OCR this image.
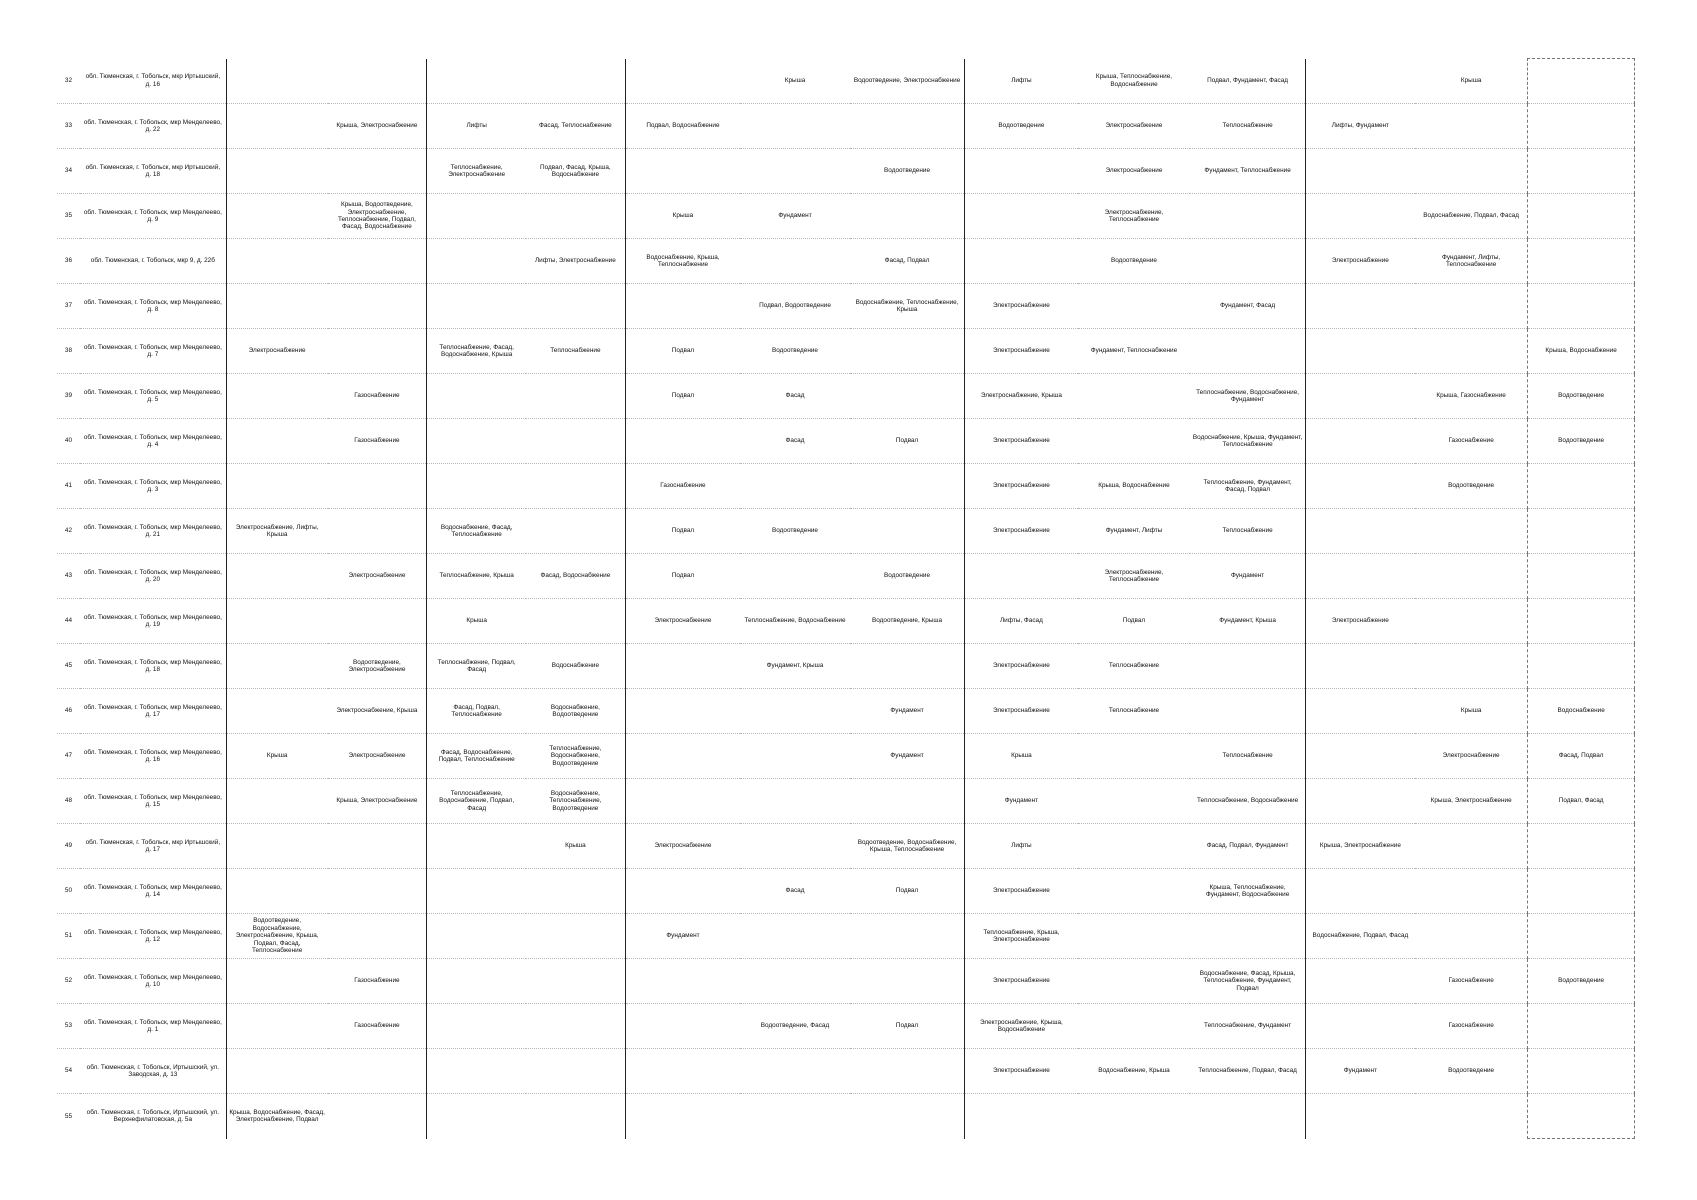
32	обл. Тюменская, г. Тобольск, мкр Иртышский, д. 16						Крыша	Водоотведение, Электроснабжение	Лифты	Крыша, Теплоснабжение, Водоснабжение	Подвал, Фундамент, Фасад		Крыша	
33	обл. Тюменская, г. Тобольск, мкр Менделеево, д. 22		Крыша, Электроснабжение	Лифты	Фасад, Теплоснабжение	Подвал, Водоснабжение			Водоотведение	Электроснабжение	Теплоснабжение	Лифты, Фундамент		
34	обл. Тюменская, г. Тобольск, мкр Иртышский, д. 18			Теплоснабжение, Электроснабжение	Подвал, Фасад, Крыша, Водоснабжение			Водоотведение		Электроснабжение	Фундамент, Теплоснабжение			
35	обл. Тюменская, г. Тобольск, мкр Менделеево, д. 9		Крыша, Водоотведение, Электроснабжение, Теплоснабжение, Подвал, Фасад, Водоснабжение			Крыша	Фундамент			Электроснабжение, Теплоснабжение			Водоснабжение, Подвал, Фасад	
36	обл. Тюменская, г. Тобольск, мкр 9, д. 22б				Лифты, Электроснабжение	Водоснабжение, Крыша, Теплоснабжение		Фасад, Подвал		Водоотведение		Электроснабжение	Фундамент, Лифты, Теплоснабжение	
37	обл. Тюменская, г. Тобольск, мкр Менделеево, д. 8						Подвал, Водоотведение	Водоснабжение, Теплоснабжение, Крыша	Электроснабжение		Фундамент, Фасад			
38	обл. Тюменская, г. Тобольск, мкр Менделеево, д. 7	Электроснабжение		Теплоснабжение, Фасад, Водоснабжение, Крыша	Теплоснабжение	Подвал	Водоотведение		Электроснабжение	Фундамент, Теплоснабжение				Крыша, Водоснабжение
39	обл. Тюменская, г. Тобольск, мкр Менделеево, д. 5		Газоснабжение			Подвал	Фасад		Электроснабжение, Крыша		Теплоснабжение, Водоснабжение, Фундамент		Крыша, Газоснабжение	Водоотведение
40	обл. Тюменская, г. Тобольск, мкр Менделеево, д. 4		Газоснабжение				Фасад	Подвал	Электроснабжение		Водоснабжение, Крыша, Фундамент, Теплоснабжение		Газоснабжение	Водоотведение
41	обл. Тюменская, г. Тобольск, мкр Менделеево, д. 3					Газоснабжение			Электроснабжение	Крыша, Водоснабжение	Теплоснабжение, Фундамент, Фасад, Подвал		Водоотведение	
42	обл. Тюменская, г. Тобольск, мкр Менделеево, д. 21	Электроснабжение, Лифты, Крыша		Водоснабжение, Фасад, Теплоснабжение		Подвал	Водоотведение		Электроснабжение	Фундамент, Лифты	Теплоснабжение			
43	обл. Тюменская, г. Тобольск, мкр Менделеево, д. 20		Электроснабжение	Теплоснабжение, Крыша	Фасад, Водоснабжение	Подвал		Водоотведение		Электроснабжение, Теплоснабжение	Фундамент			
44	обл. Тюменская, г. Тобольск, мкр Менделеево, д. 19			Крыша		Электроснабжение	Теплоснабжение, Водоснабжение	Водоотведение, Крыша	Лифты, Фасад	Подвал	Фундамент, Крыша	Электроснабжение		
45	обл. Тюменская, г. Тобольск, мкр Менделеево, д. 18		Водоотведение, Электроснабжение	Теплоснабжение, Подвал, Фасад	Водоснабжение		Фундамент, Крыша		Электроснабжение	Теплоснабжение				
46	обл. Тюменская, г. Тобольск, мкр Менделеево, д. 17		Электроснабжение, Крыша	Фасад, Подвал, Теплоснабжение	Водоснабжение, Водоотведение			Фундамент	Электроснабжение	Теплоснабжение			Крыша	Водоснабжение
47	обл. Тюменская, г. Тобольск, мкр Менделеево, д. 16	Крыша	Электроснабжение	Фасад, Водоснабжение, Подвал, Теплоснабжение	Теплоснабжение, Водоснабжение, Водоотведение			Фундамент	Крыша		Теплоснабжение		Электроснабжение	Фасад, Подвал
48	обл. Тюменская, г. Тобольск, мкр Менделеево, д. 15		Крыша, Электроснабжение	Теплоснабжение, Водоснабжение, Подвал, Фасад	Водоснабжение, Теплоснабжение, Водоотведение				Фундамент		Теплоснабжение, Водоснабжение		Крыша, Электроснабжение	Подвал, Фасад
49	обл. Тюменская, г. Тобольск, мкр Иртышский, д. 17				Крыша	Электроснабжение		Водоотведение, Водоснабжение, Крыша, Теплоснабжение	Лифты		Фасад, Подвал, Фундамент	Крыша, Электроснабжение		
50	обл. Тюменская, г. Тобольск, мкр Менделеево, д. 14						Фасад	Подвал	Электроснабжение		Крыша, Теплоснабжение, Фундамент, Водоснабжение			
51	обл. Тюменская, г. Тобольск, мкр Менделеево, д. 12	Водоотведение, Водоснабжение, Электроснабжение, Крыша, Подвал, Фасад, Теплоснабжение				Фундамент			Теплоснабжение, Крыша, Электроснабжение			Водоснабжение, Подвал, Фасад		
52	обл. Тюменская, г. Тобольск, мкр Менделеево, д. 10		Газоснабжение						Электроснабжение		Водоснабжение, Фасад, Крыша, Теплоснабжение, Фундамент, Подвал		Газоснабжение	Водоотведение
53	обл. Тюменская, г. Тобольск, мкр Менделеево, д. 1		Газоснабжение				Водоотведение, Фасад	Подвал	Электроснабжение, Крыша, Водоснабжение		Теплоснабжение, Фундамент		Газоснабжение	
54	обл. Тюменская, г. Тобольск, Иртышский, ул. Заводская, д. 13								Электроснабжение	Водоснабжение, Крыша	Теплоснабжение, Подвал, Фасад	Фундамент	Водоотведение	
55	обл. Тюменская, г. Тобольск, Иртышский, ул. Верхнефилатовская, д. 5а	Крыша, Водоснабжение, Фасад, Электроснабжение, Подвал												
